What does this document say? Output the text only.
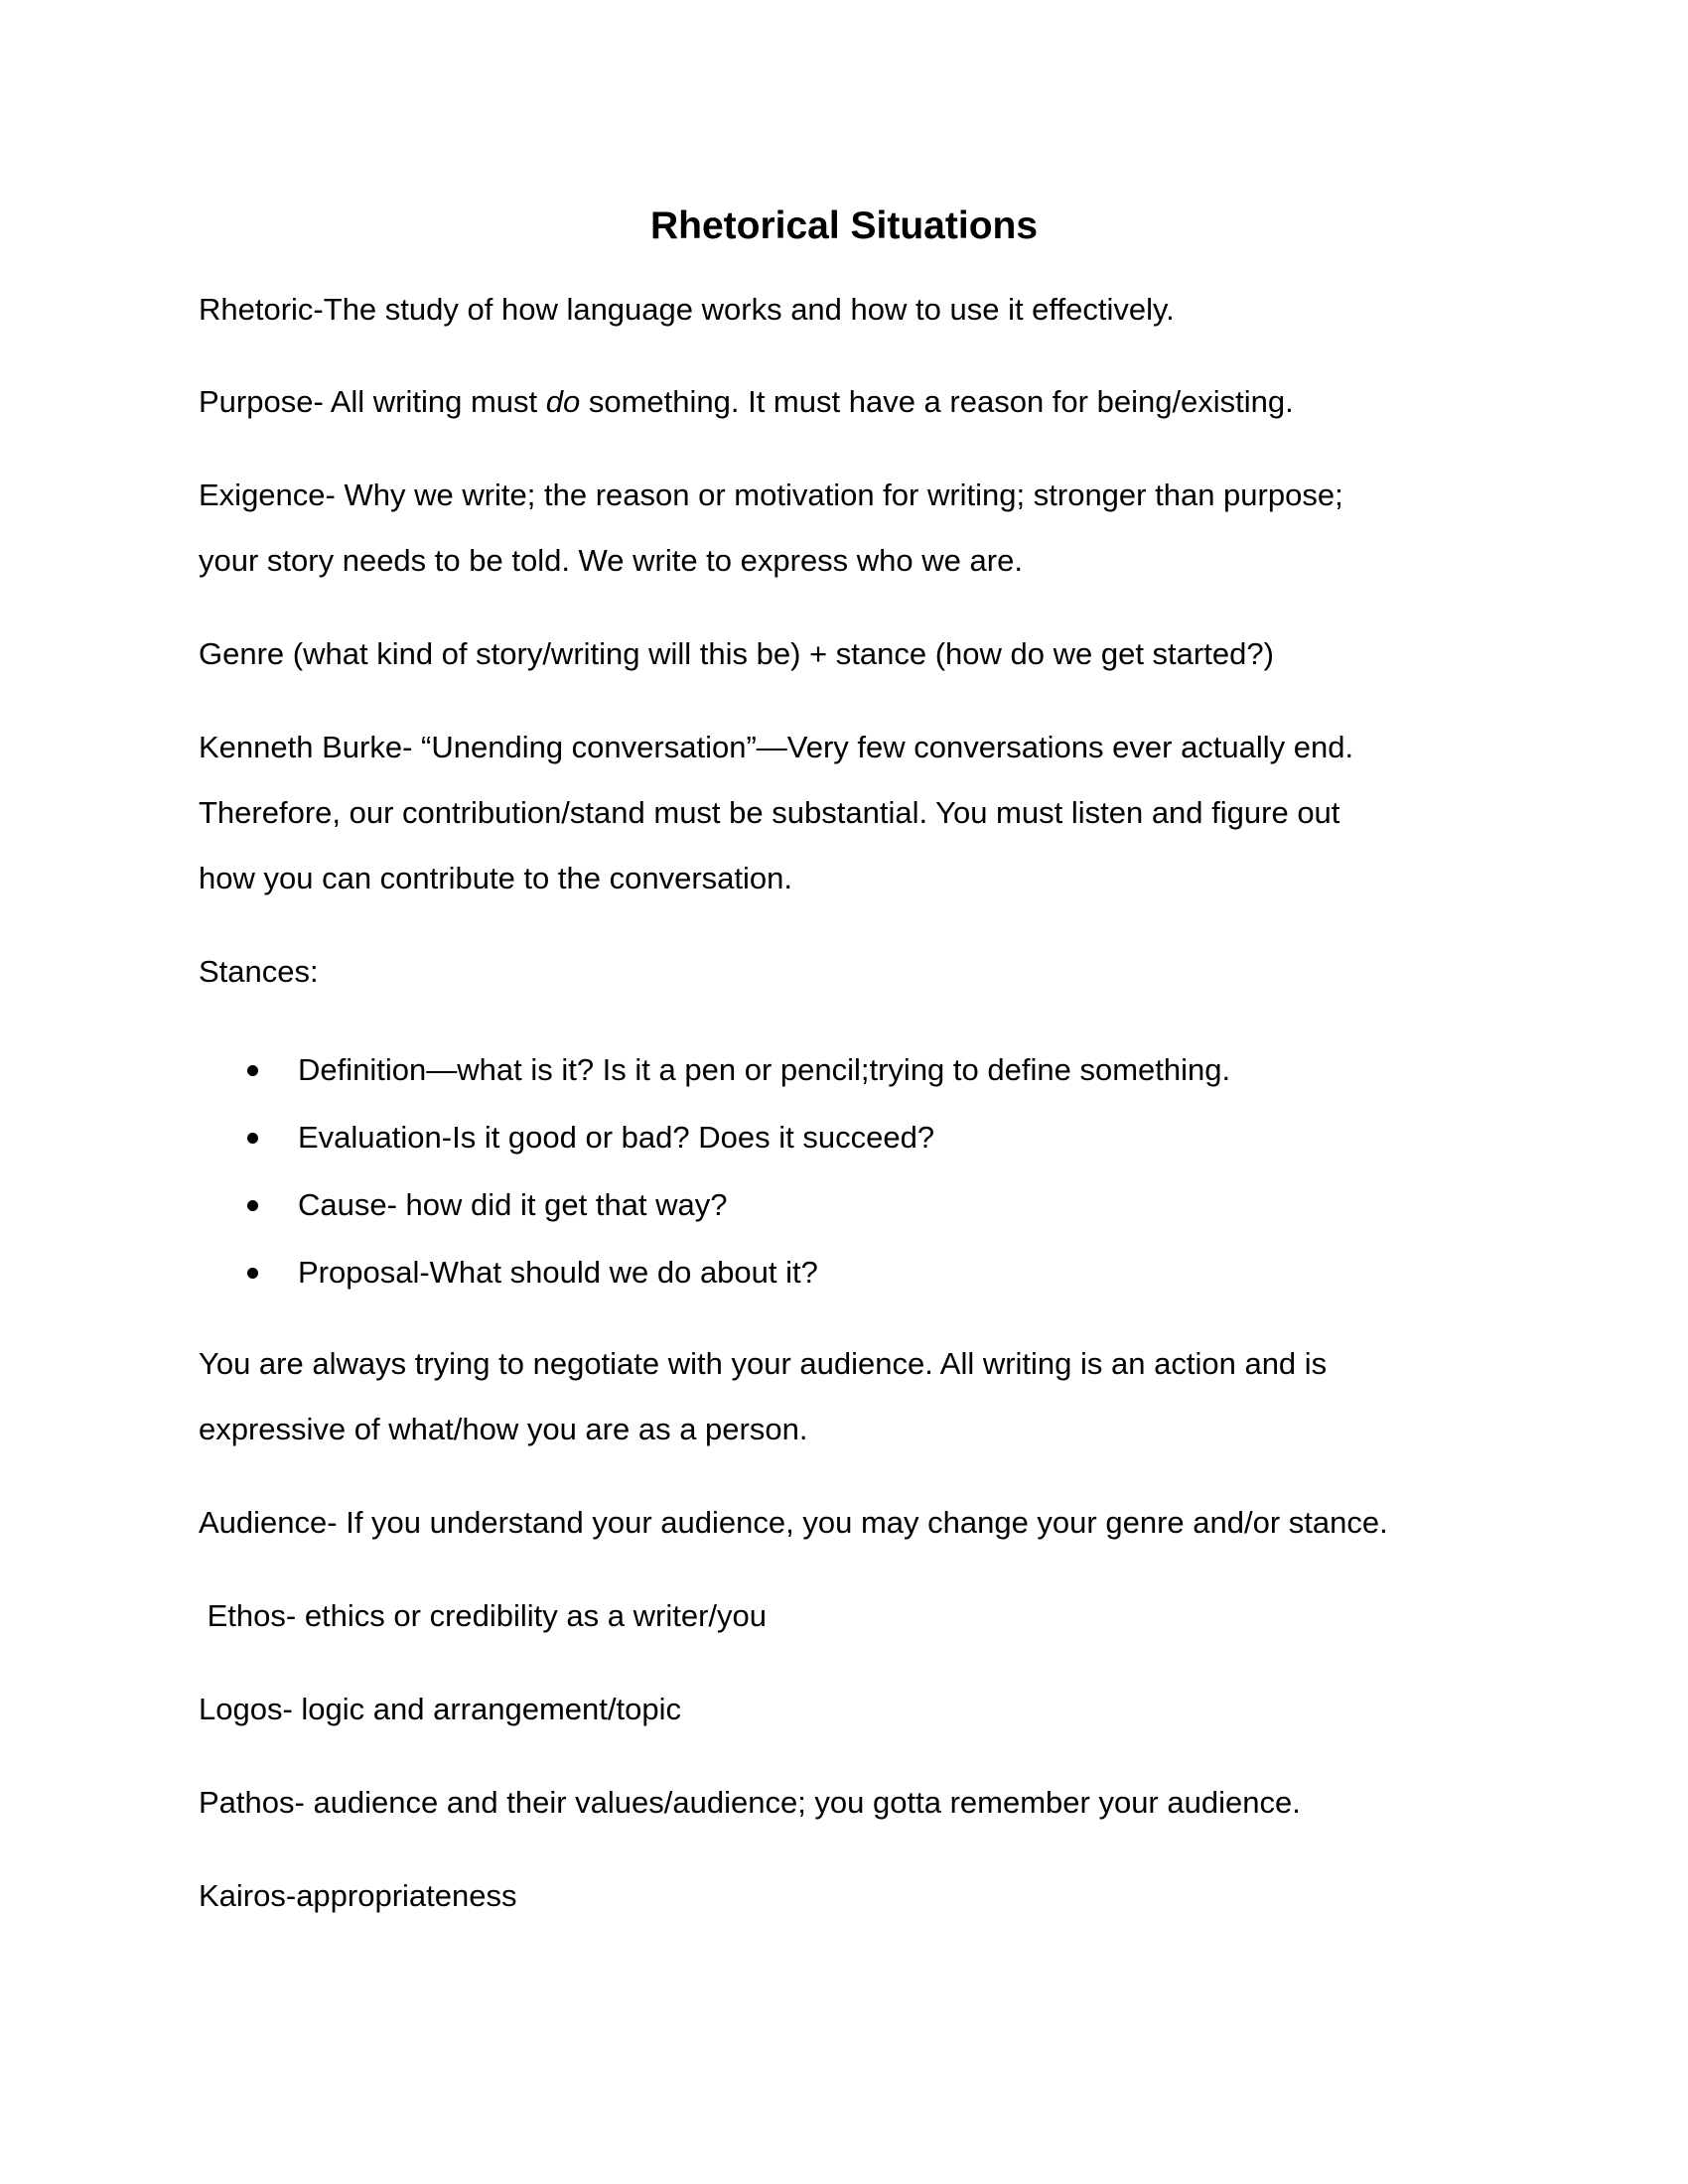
Rhetorical Situations

Rhetoric-The study of how language works and how to use it effectively.

Purpose- All writing must do something. It must have a reason for being/existing.

Exigence- Why we write; the reason or motivation for writing; stronger than purpose;

your story needs to be told. We write to express who we are.

Genre (what kind of story/writing will this be) + stance (how do we get started?)

Kenneth Burke- “Unending conversation”—Very few conversations ever actually end.

Therefore, our contribution/stand must be substantial. You must listen and figure out

how you can contribute to the conversation.

Stances:

Definition—what is it? Is it a pen or pencil;trying to define something.
Evaluation-Is it good or bad? Does it succeed?
Cause- how did it get that way?
Proposal-What should we do about it?

You are always trying to negotiate with your audience. All writing is an action and is

expressive of what/how you are as a person.

Audience- If you understand your audience, you may change your genre and/or stance.

Ethos- ethics or credibility as a writer/you

Logos- logic and arrangement/topic

Pathos- audience and their values/audience; you gotta remember your audience.

Kairos-appropriateness
